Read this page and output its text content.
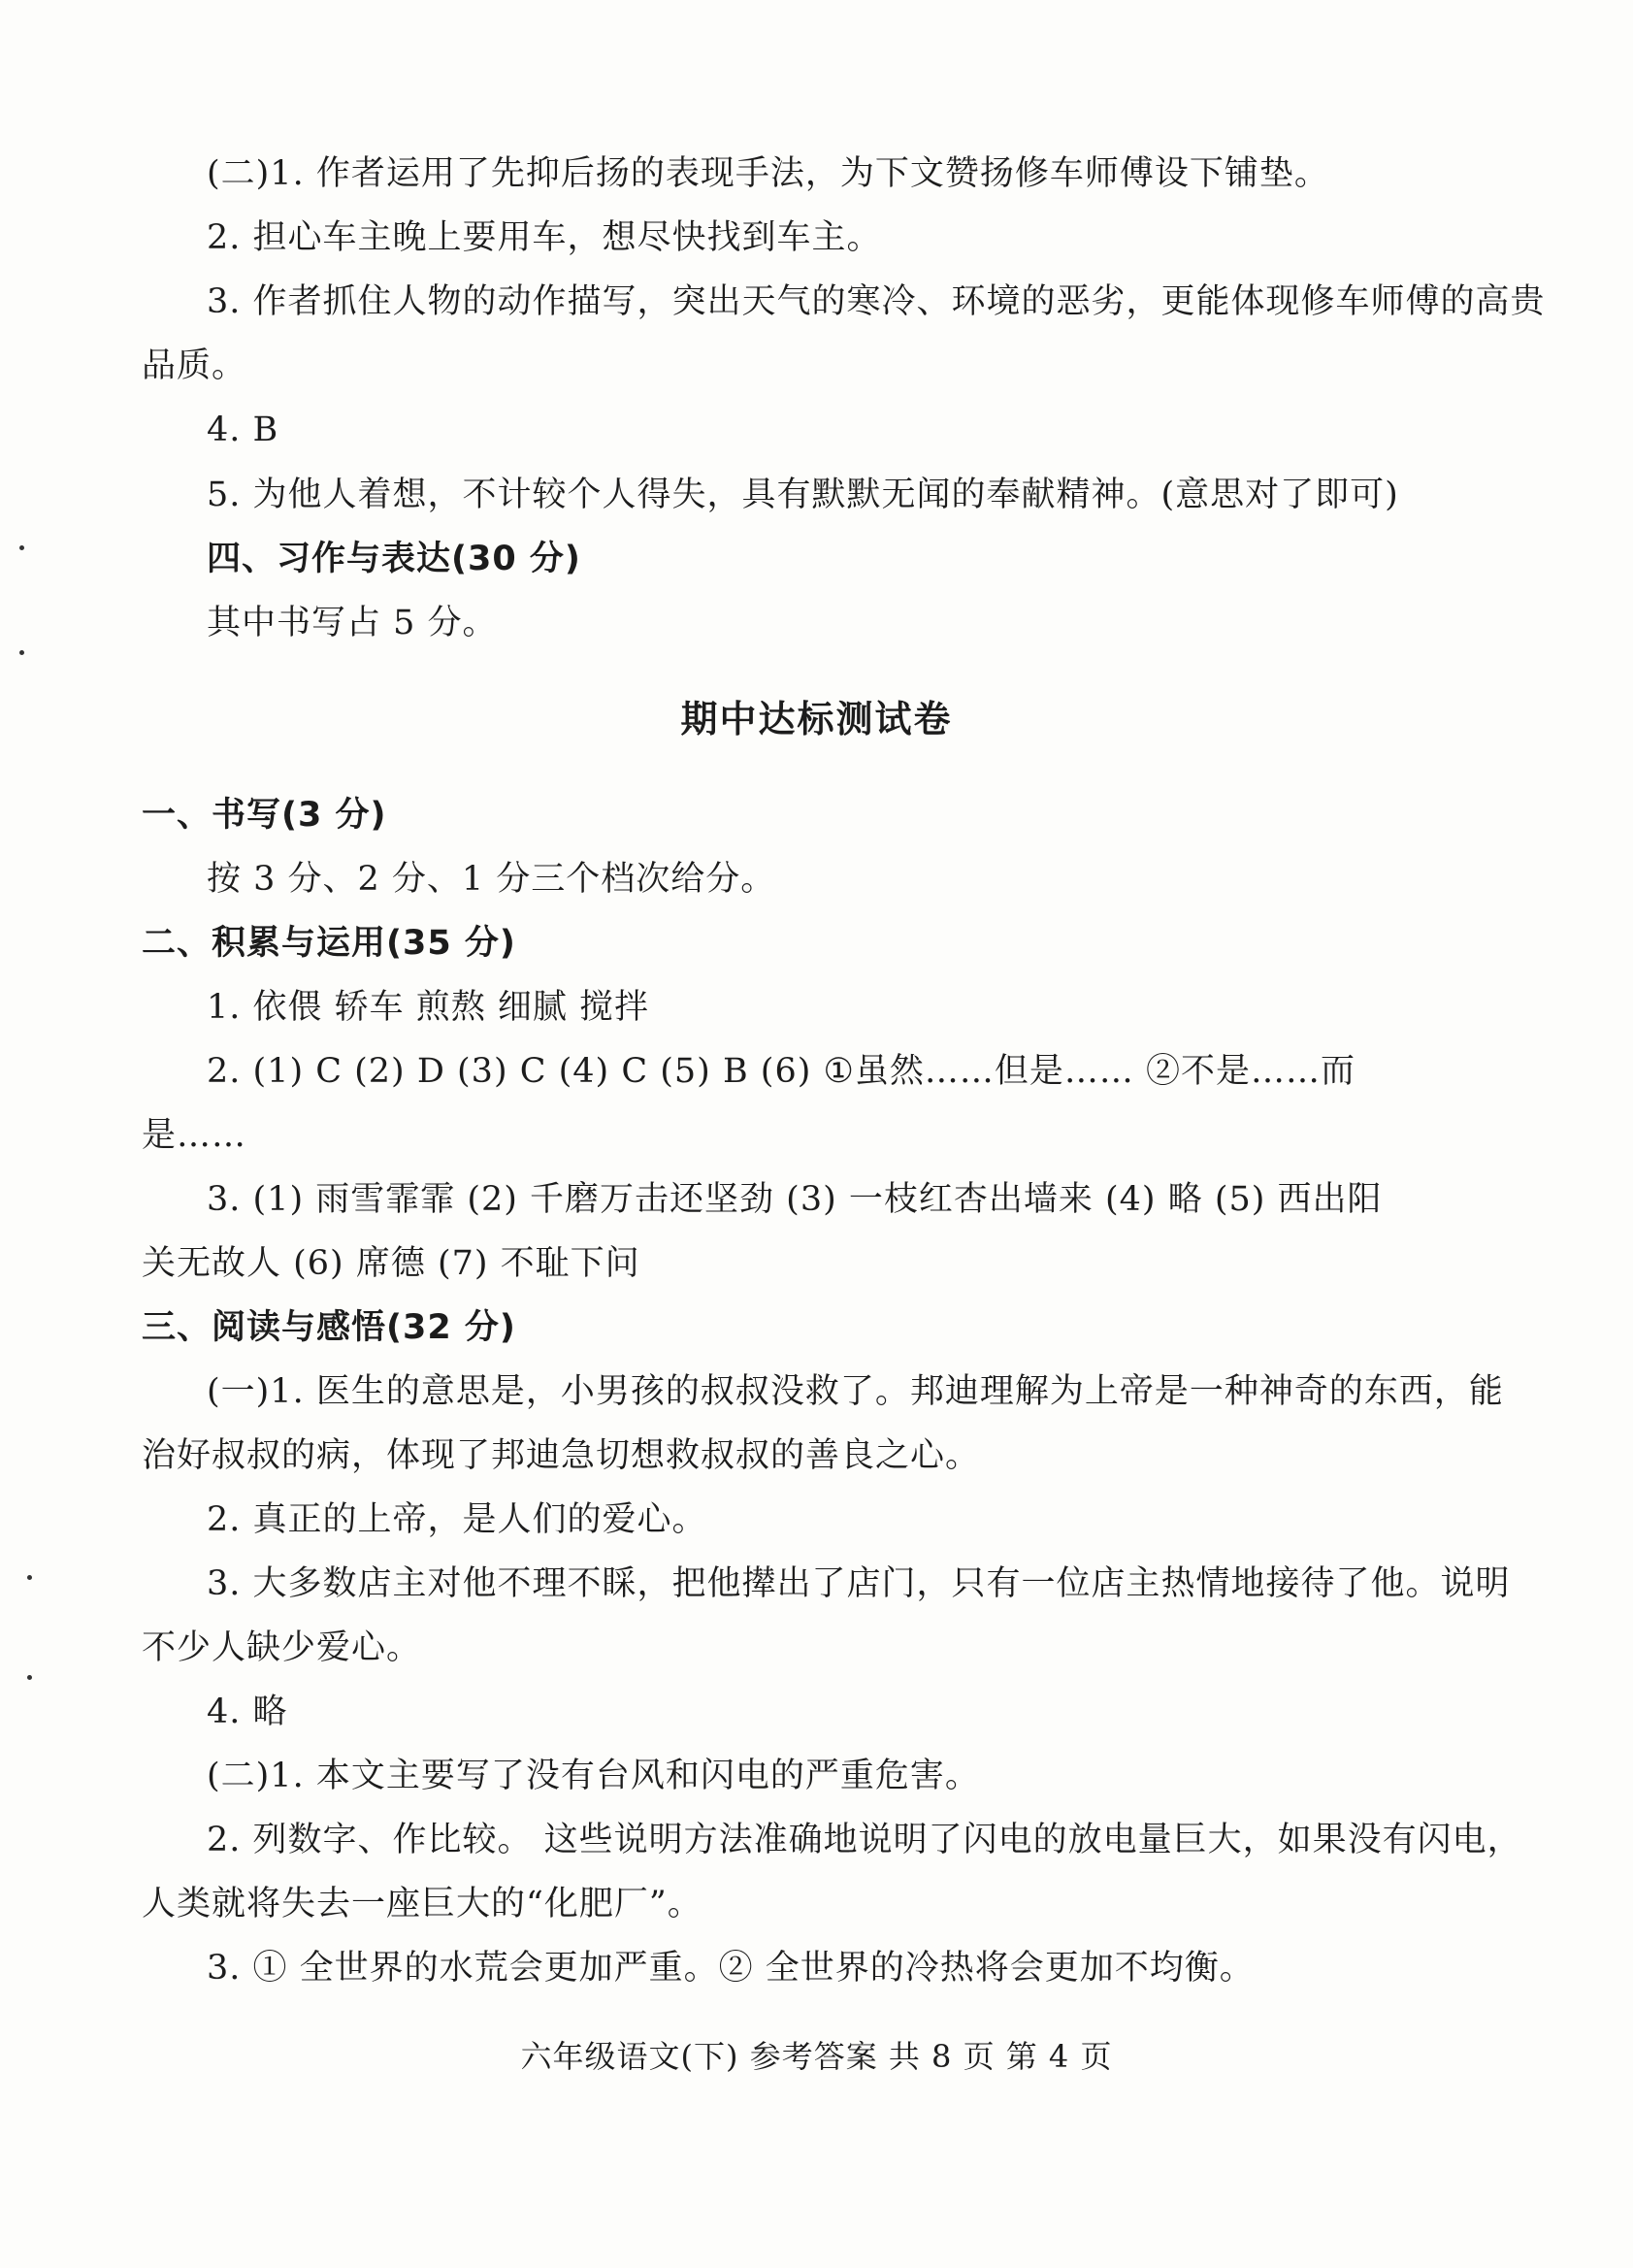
(二)1. 作者运用了先抑后扬的表现手法，为下文赞扬修车师傅设下铺垫。
2. 担心车主晚上要用车，想尽快找到车主。
3. 作者抓住人物的动作描写，突出天气的寒冷、环境的恶劣，更能体现修车师傅的高贵
品质。
4. B
5. 为他人着想，不计较个人得失，具有默默无闻的奉献精神。(意思对了即可)
四、习作与表达(30 分)
其中书写占 5 分。
期中达标测试卷
一、书写(3 分)
按 3 分、2 分、1 分三个档次给分。
二、积累与运用(35 分)
1. 依偎 轿车 煎熬 细腻 搅拌
2. (1) C (2) D (3) C (4) C (5) B (6) ①虽然……但是…… ②不是……而
是……
3. (1) 雨雪霏霏 (2) 千磨万击还坚劲 (3) 一枝红杏出墙来 (4) 略 (5) 西出阳
关无故人 (6) 席德 (7) 不耻下问
三、阅读与感悟(32 分)
(一)1. 医生的意思是，小男孩的叔叔没救了。邦迪理解为上帝是一种神奇的东西，能
治好叔叔的病，体现了邦迪急切想救叔叔的善良之心。
2. 真正的上帝，是人们的爱心。
3. 大多数店主对他不理不睬，把他撵出了店门，只有一位店主热情地接待了他。说明
不少人缺少爱心。
4. 略
(二)1. 本文主要写了没有台风和闪电的严重危害。
2. 列数字、作比较。 这些说明方法准确地说明了闪电的放电量巨大，如果没有闪电，
人类就将失去一座巨大的“化肥厂”。
3. ① 全世界的水荒会更加严重。② 全世界的冷热将会更加不均衡。
六年级语文(下) 参考答案 共 8 页 第 4 页
